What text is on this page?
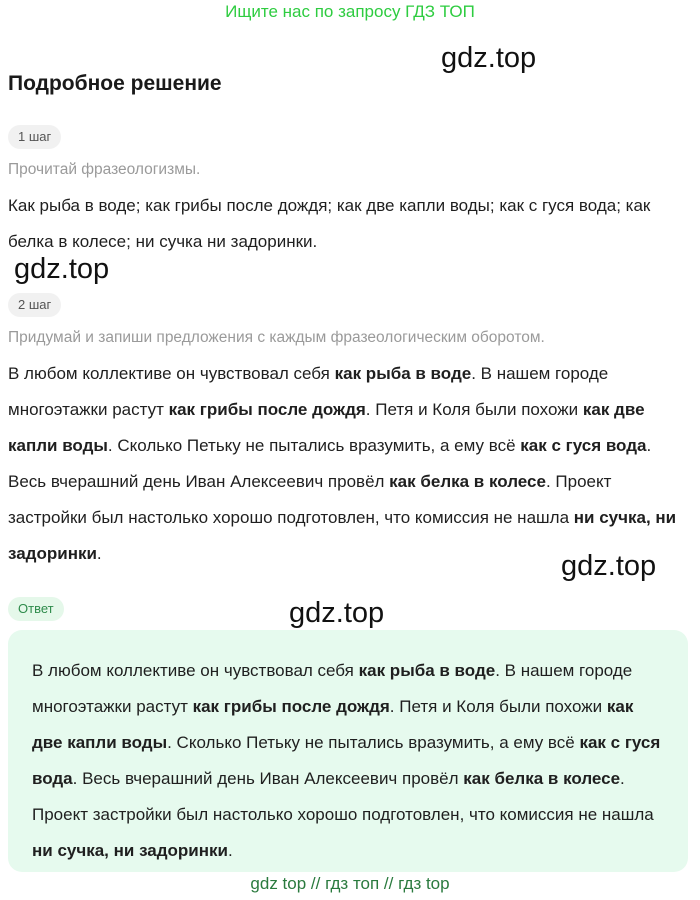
Ищите нас по запросу ГДЗ ТОП
gdz.top
gdz.top
gdz.top
gdz.top
Подробное решение
1 шаг
Прочитай фразеологизмы.

Как рыба в воде; как грибы после дождя; как две капли воды; как с гуся вода; как белка в колесе; ни сучка ни задоринки.

2 шаг
Придумай и запиши предложения с каждым фразеологическим оборотом.

В любом коллективе он чувствовал себя как рыба в воде. В нашем городе многоэтажки растут как грибы после дождя. Петя и Коля были похожи как две капли воды. Сколько Петьку не пытались вразумить, а ему всё как с гуся вода. Весь вчерашний день Иван Алексеевич провёл как белка в колесе. Проект застройки был настолько хорошо подготовлен, что комиссия не нашла ни сучка, ни задоринки.

Ответ

В любом коллективе он чувствовал себя как рыба в воде. В нашем городе многоэтажки растут как грибы после дождя. Петя и Коля были похожи как две капли воды. Сколько Петьку не пытались вразумить, а ему всё как с гуся вода. Весь вчерашний день Иван Алексеевич провёл как белка в колесе. Проект застройки был настолько хорошо подготовлен, что комиссия не нашла ни сучка, ни задоринки.

gdz top // гдз топ // гдз top
